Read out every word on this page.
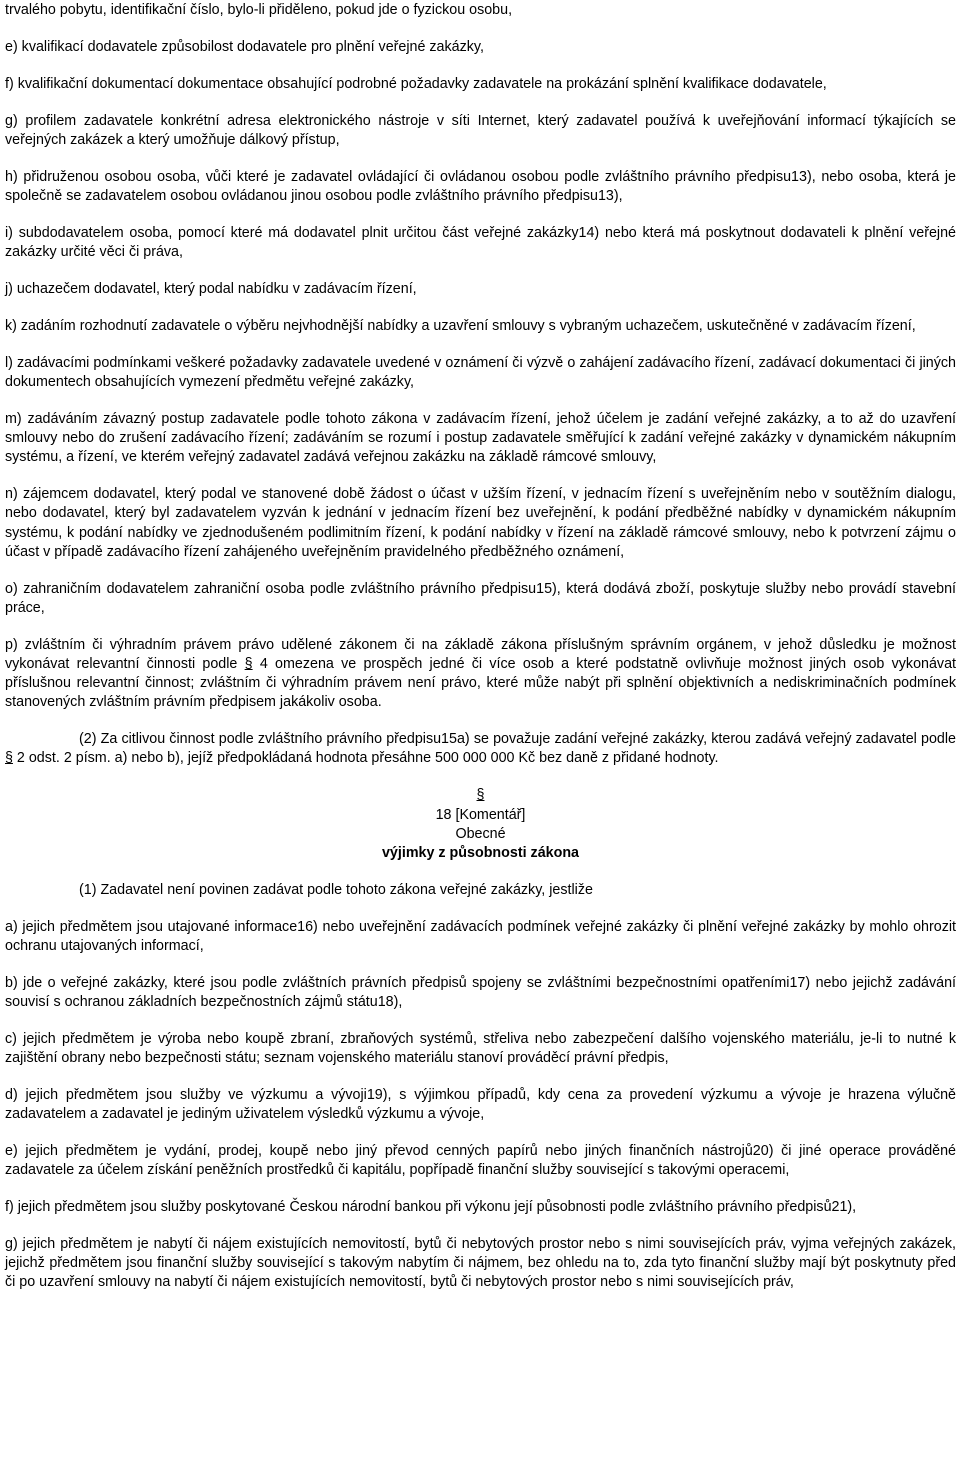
trvalého pobytu, identifikační číslo, bylo-li přiděleno, pokud jde o fyzickou osobu,

e) kvalifikací dodavatele způsobilost dodavatele pro plnění veřejné zakázky,

f) kvalifikační dokumentací dokumentace obsahující podrobné požadavky zadavatele na prokázání splnění kvalifikace dodavatele,

g) profilem zadavatele konkrétní adresa elektronického nástroje v síti Internet, který zadavatel používá k uveřejňování informací týkajících se veřejných zakázek a který umožňuje dálkový přístup,

h) přidruženou osobou osoba, vůči které je zadavatel ovládající či ovládanou osobou podle zvláštního právního předpisu13), nebo osoba, která je společně se zadavatelem osobou ovládanou jinou osobou podle zvláštního právního předpisu13),

i) subdodavatelem osoba, pomocí které má dodavatel plnit určitou část veřejné zakázky14) nebo která má poskytnout dodavateli k plnění veřejné zakázky určité věci či práva,

j) uchazečem dodavatel, který podal nabídku v zadávacím řízení,

k) zadáním rozhodnutí zadavatele o výběru nejvhodnější nabídky a uzavření smlouvy s vybraným uchazečem, uskutečněné v zadávacím řízení,

l) zadávacími podmínkami veškeré požadavky zadavatele uvedené v oznámení či výzvě o zahájení zadávacího řízení, zadávací dokumentaci či jiných dokumentech obsahujících vymezení předmětu veřejné zakázky,

m) zadáváním závazný postup zadavatele podle tohoto zákona v zadávacím řízení, jehož účelem je zadání veřejné zakázky, a to až do uzavření smlouvy nebo do zrušení zadávacího řízení; zadáváním se rozumí i postup zadavatele směřující k zadání veřejné zakázky v dynamickém nákupním systému, a řízení, ve kterém veřejný zadavatel zadává veřejnou zakázku na základě rámcové smlouvy,

n) zájemcem dodavatel, který podal ve stanovené době žádost o účast v užším řízení, v jednacím řízení s uveřejněním nebo v soutěžním dialogu, nebo dodavatel, který byl zadavatelem vyzván k jednání v jednacím řízení bez uveřejnění, k podání předběžné nabídky v dynamickém nákupním systému, k podání nabídky ve zjednodušeném podlimitním řízení, k podání nabídky v řízení na základě rámcové smlouvy, nebo k potvrzení zájmu o účast v případě zadávacího řízení zahájeného uveřejněním pravidelného předběžného oznámení,

o) zahraničním dodavatelem zahraniční osoba podle zvláštního právního předpisu15), která dodává zboží, poskytuje služby nebo provádí stavební práce,

p) zvláštním či výhradním právem právo udělené zákonem či na základě zákona příslušným správním orgánem, v jehož důsledku je možnost vykonávat relevantní činnosti podle § 4 omezena ve prospěch jedné či více osob a které podstatně ovlivňuje možnost jiných osob vykonávat příslušnou relevantní činnost; zvláštním či výhradním právem není právo, které může nabýt při splnění objektivních a nediskriminačních podmínek stanovených zvláštním právním předpisem jakákoliv osoba.

(2) Za citlivou činnost podle zvláštního právního předpisu15a) se považuje zadání veřejné zakázky, kterou zadává veřejný zadavatel podle § 2 odst. 2 písm. a) nebo b), jejíž předpokládaná hodnota přesáhne 500 000 000 Kč bez daně z přidané hodnoty.

§
18 [Komentář]
Obecné
výjimky z působnosti zákona

(1) Zadavatel není povinen zadávat podle tohoto zákona veřejné zakázky, jestliže

a) jejich předmětem jsou utajované informace16) nebo uveřejnění zadávacích podmínek veřejné zakázky či plnění veřejné zakázky by mohlo ohrozit ochranu utajovaných informací,

b) jde o veřejné zakázky, které jsou podle zvláštních právních předpisů spojeny se zvláštními bezpečnostními opatřeními17) nebo jejichž zadávání souvisí s ochranou základních bezpečnostních zájmů státu18),

c) jejich předmětem je výroba nebo koupě zbraní, zbraňových systémů, střeliva nebo zabezpečení dalšího vojenského materiálu, je-li to nutné k zajištění obrany nebo bezpečnosti státu; seznam vojenského materiálu stanoví prováděcí právní předpis,

d) jejich předmětem jsou služby ve výzkumu a vývoji19), s výjimkou případů, kdy cena za provedení výzkumu a vývoje je hrazena výlučně zadavatelem a zadavatel je jediným uživatelem výsledků výzkumu a vývoje,

e) jejich předmětem je vydání, prodej, koupě nebo jiný převod cenných papírů nebo jiných finančních nástrojů20) či jiné operace prováděné zadavatele za účelem získání peněžních prostředků či kapitálu, popřípadě finanční služby související s takovými operacemi,

f) jejich předmětem jsou služby poskytované Českou národní bankou při výkonu její působnosti podle zvláštního právního předpisů21),

g) jejich předmětem je nabytí či nájem existujících nemovitostí, bytů či nebytových prostor nebo s nimi souvisejících práv, vyjma veřejných zakázek, jejichž předmětem jsou finanční služby související s takovým nabytím či nájmem, bez ohledu na to, zda tyto finanční služby mají být poskytnuty před či po uzavření smlouvy na nabytí či nájem existujících nemovitostí, bytů či nebytových prostor nebo s nimi souvisejících práv,
